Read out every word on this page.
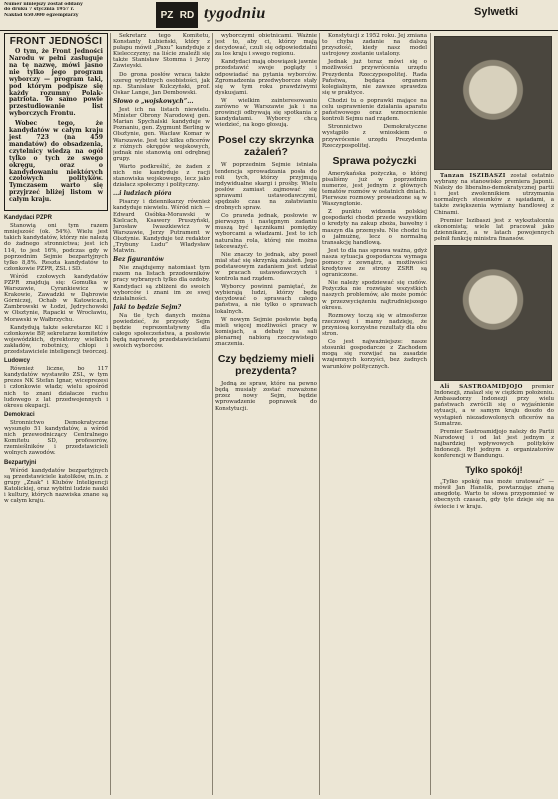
Numer niniejszy został oddany
do druku 7 stycznia 1957 r.
Nakład 650.000 egzemplarzy	PZ RD tygodniu	Sylwetki
FRONT JEDNOŚCI

O tym, że Front Jedności Narodu w pełni zasługuje na tę nazwę, mówi jasno nie tylko jego program wyborczy — program taki, pod którym podpisze się każdy rozumny Polak-patriota. To samo powie przestudiowanie list wyborczych Frontu.

Wobec tego, że kandydatów w całym kraju jest 723 (na 459 mandatów) do obsadzenia, czytelnicy wiedzą na ogół tylko o tych ze swego okręgu, oraz o kandydowaniu niektórych czołowych polityków. Tymczasem warto się przyjrzeć bliżej listom w całym kraju.

Kandydaci PZPR

Stanowią oni tym razem mniejszość (ok. 54%). Wielu jest takich kandydatów, którzy nie należą do żadnego stronnictwa; jest ich 114, to jest 16%, podczas gdy w poprzednim Sejmie bezpartyjnych tylko 8,8%. Reszta kandydatów to członkowie PZPR, ZSL i SD.

Wśród czołowych kandydatów PZPR znajdują się: Gomułka w Warszawie, Cyrankiewicz w Krakowie, Zawadzki w Dąbrowie Górniczej, Ochab w Katowicach, Zambrowski w Łodzi, Jędrychowski w Olsztynie, Rapacki w Wrocławiu, Morawski w Wałbrzychu.

Kandydują także sekretarze KC i członkowie BP, sekretarze komitetów wojewódzkich, dyrektorzy wielkich zakładów, robotnicy, chłopi i przedstawiciele inteligencji twórczej.

Ludowcy

Również liczne, bo 117 kandydatów wystawiło ZSL, w tym prezes NK Stefan Ignar, wiceprezesi i członkowie władz; wielu spośród nich to znani działacze ruchu ludowego z lat przedwojennych i okresu okupacji.

Demokraci

Stronnictwo Demokratyczne wysunęło 51 kandydatów, a wśród nich przewodniczący Centralnego Komitetu SD, profesorów, rzemieślników i przedstawicieli wolnych zawodów.

Bezpartyjni

Wśród kandydatów bezpartyjnych są przedstawiciele katolików, m.in. z grupy „Znak” i Klubów Inteligencji Katolickiej, oraz wybitni ludzie nauki i kultury, których nazwiska znane są w całym kraju.

Sekretarz tego Komitetu, Konstanty Łubieński, który z pułapu mówił „Paxu” kandyduje z Kielecczyzny; na liście znaleźli się także Stanisław Stomma i Jerzy Zawieyski.

Do grona posłów wraca także szereg wybitnych osobistości, jak np. Stanisław Kulczyński, prof. Oskar Lange, Jan Dembowski.

Słowo o „wojskowych”...

Jest ich na listach niewielu. Minister Obrony Narodowej gen. Marian Spychalski kandyduje w Poznaniu, gen. Zygmunt Berling w Olsztynie, gen. Wacław Komar w Warszawie. Jest też kilku oficerów z różnych okręgów wojskowych, jednak nie stanowią oni odrębnej grupy.

Warto podkreślić, że żaden z nich nie kandyduje z racji stanowiska wojskowego, lecz jako działacz społeczny i polityczny.

...i ludziach pióra

Pisarzy i dziennikarzy również kandyduje niewielu. Wśród nich — Edward Osóbka-Morawski w Kielcach, Ksawery Pruszyński, Jarosław Iwaszkiewicz w Warszawie, Jerzy Putrament w Olsztynie. Kandyduje też redaktor „Trybuny Ludu” Władysław Matwin.

Bez figurantów

Nie znajdujemy natomiast tym razem na listach przodowników pracy wybranych tylko dla ozdoby. Kandydaci są zbliżeni do swoich wyborców i znani im ze swej działalności.

Jaki to będzie Sejm?

Na tle tych danych można powiedzieć, że przyszły Sejm będzie reprezentatywny dla całego społeczeństwa, a posłowie będą naprawdę przedstawicielami swoich wyborców.

wyborczymi obietnicami. Ważnie jest to, aby ci, którzy mają decydować, czuli się odpowiedzialni za los kraju i swego regionu.

Kandydaci mają obowiązek jawnie przedstawić swoje poglądy i odpowiadać na pytania wyborców. Zgromadzenia przedwyborcze stały się w tym roku prawdziwymi dyskusjami.

W wielkim zainteresowaniu zarówno w Warszawie jak i na prowincji odbywają się spotkania z kandydatami. Wyborcy chcą wiedzieć, na kogo głosują.

Posel czy skrzynka zażaleń?

W poprzednim Sejmie istniała tendencja sprowadzania posła do roli tych, którzy przyjmują indywidualne skargi i prośby. Wielu posłów zamiast zajmować się sprawami ustawodawczymi, spędzało czas na załatwianiu drobnych spraw.

Co prawda jednak, posłowie w pierwszym i następnym zadaniu muszą być łącznikami pomiędzy wyborcami a władzami. Jest to ich naturalna rola, której nie można lekceważyć.

Nie znaczy to jednak, aby poseł miał stać się skrzynką zażaleń. Jego podstawowym zadaniem jest udział w pracach ustawodawczych i kontrola nad rządem.

Wyborcy powinni pamiętać, że wybierają ludzi, którzy będą decydować o sprawach całego państwa, a nie tylko o sprawach lokalnych.

W nowym Sejmie posłowie będą mieli więcej możliwości pracy w komisjach, a debaty na sali plenarnej nabiorą rzeczywistego znaczenia.

Czy będziemy mieli prezydenta?

Jedną ze spraw, które na pewno będą musiały zostać rozważone przez nowy Sejm, będzie wprowadzenie poprawek do Konstytucji.

Konstytucji z 1952 roku. Jej zmiana to chyba zadanie na dalszą przyszłość, kiedy nasz model ustrojowy zostanie ustalony.

Jednak już teraz mówi się o możliwości przywrócenia urzędu Prezydenta Rzeczypospolitej. Rada Państwa, będąca organem kolegialnym, nie zawsze sprawdza się w praktyce.

Chodzi tu o poprawki mające na celu usprawnienie działania aparatu państwowego oraz wzmocnienie kontroli Sejmu nad rządem.

Stronnictwo Demokratyczne wystąpiło z wnioskiem o przywrócenie urzędu Prezydenta Rzeczypospolitej.

Sprawa pożyczki

Amerykańska pożyczka, o której pisaliśmy już w poprzednim numerze, jest jednym z głównych tematów rozmów w ostatnich dniach. Pierwsze rozmowy prowadzone są w Waszyngtonie.

Z punktu widzenia polskiej gospodarki chodzi przede wszystkim o kredyty na zakup zboża, bawełny i maszyn dla przemysłu. Nie chodzi tu o jałmużnę, lecz o normalną transakcję handlową.

Jest to dla nas sprawa ważna, gdyż nasza sytuacja gospodarcza wymaga pomocy z zewnątrz, a możliwości kredytowe ze strony ZSRR są ograniczone.

Nie należy spodziewać się cudów. Pożyczka nie rozwiąże wszystkich naszych problemów, ale może pomóc w przezwyciężeniu najtrudniejszego okresu.

Rozmowy toczą się w atmosferze rzeczowej i mamy nadzieję, że przyniosą korzystne rezultaty dla obu stron.

Co jest najważniejsze: nasze stosunki gospodarcze z Zachodem mogą się rozwijać na zasadzie wzajemnych korzyści, bez żadnych warunków politycznych.

Tanzan ISZIBASZI został ostatnio wybrany na stanowisko premiera Japonii. Należy do liberalno-demokratycznej partii i jest zwolennikiem utrzymania normalnych stosunków z sąsiadami, a także zwiększenia wymiany handlowej z Chinami.

Premier Iszibaszi jest z wykształcenia ekonomistą; wiele lat pracował jako dziennikarz, a w latach powojennych pełnił funkcję ministra finansów.

Ali SASTROAMIDJOJO premier Indonezji, znalazł się w ciężkim położeniu. Ambasadorzy Indonezji przy wielu państwach zwrócili się o wyjaśnienie sytuacji, a w samym kraju doszło do wystąpień niezadowolonych oficerów na Sumatrze.

Premier Sastroamidjojo należy do Partii Narodowej i od lat jest jednym z najbardziej wpływowych polityków Indonezji. Był jednym z organizatorów konferencji w Bandungu.

Tylko spokój!

„Tylko spokój nas może uratować” — mówił Jan Hanslik, powtarzając znaną anegdotę. Warto te słowa przypomnieć w obecnych czasach, gdy tyle dzieje się na świecie i w kraju.
